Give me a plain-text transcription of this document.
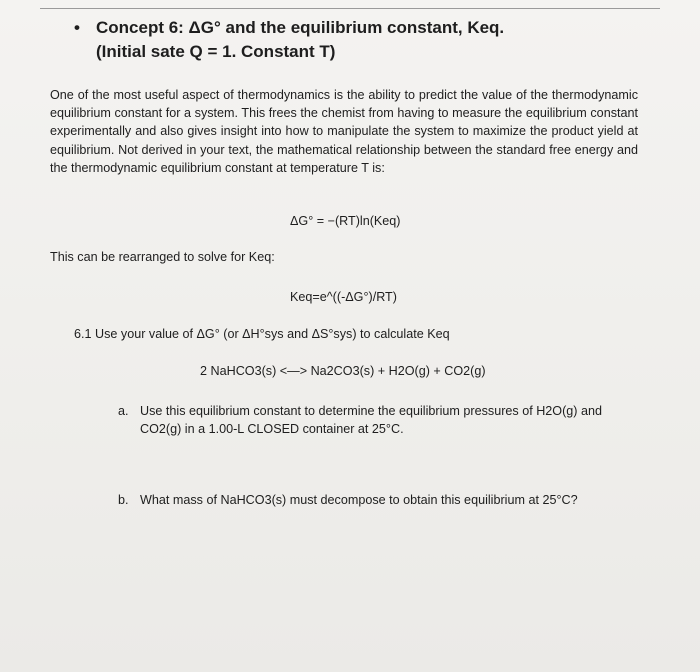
• Concept 6: ΔG° and the equilibrium constant, Keq.
(Initial sate Q = 1. Constant T)
One of the most useful aspect of thermodynamics is the ability to predict the value of the thermodynamic equilibrium constant for a system. This frees the chemist from having to measure the equilibrium constant experimentally and also gives insight into how to manipulate the system to maximize the product yield at equilibrium. Not derived in your text, the mathematical relationship between the standard free energy and the thermodynamic equilibrium constant at temperature T is:
ΔG° = −(RT)ln(Keq)
This can be rearranged to solve for Keq:
Keq=e^((-ΔG°)/RT)
6.1 Use your value of ΔG° (or ΔH°sys and ΔS°sys) to calculate Keq
2 NaHCO3(s) <—> Na2CO3(s) + H2O(g) + CO2(g)
a. Use this equilibrium constant to determine the equilibrium pressures of H2O(g) and CO2(g) in a 1.00-L CLOSED container at 25°C.
b. What mass of NaHCO3(s) must decompose to obtain this equilibrium at 25°C?
